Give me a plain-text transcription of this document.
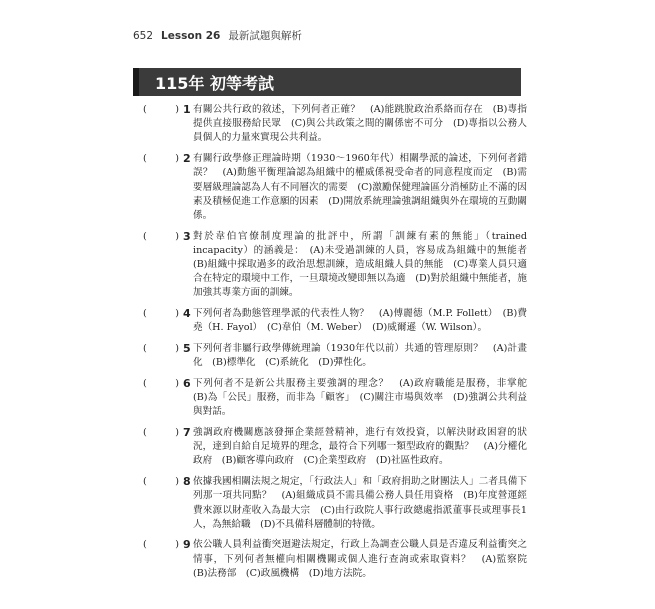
652 Lesson 26 最新試題與解析
115年 初等考試
(	) 1 有關公共行政的敘述，下列何者正確？　(A)能跳脫政治系絡而存在　(B)專指提供直接服務給民眾　(C)與公共政策之間的關係密不可分　(D)專指以公務人員個人的力量來實現公共利益。
(	) 2 有關行政學修正理論時期（1930～1960年代）相關學派的論述，下列何者錯誤？　(A)動態平衡理論認為組織中的權威係視受命者的同意程度而定　(B)需要層級理論認為人有不同層次的需要　(C)激勵保健理論區分消極防止不滿的因素及積極促進工作意願的因素　(D)開放系統理論強調組織與外在環境的互動關係。
(	) 3 對於韋伯官僚制度理論的批評中，所謂「訓練有素的無能」（trained incapacity）的涵義是：　(A)未受過訓練的人員，容易成為組織中的無能者　(B)組織中採取過多的政治思想訓練，造成組織人員的無能　(C)專業人員只適合在特定的環境中工作，一旦環境改變即無以為適　(D)對於組織中無能者，施加強其專業方面的訓練。
(	) 4 下列何者為動態管理學派的代表性人物？　(A)傅麗德（M.P. Follett）　(B)費堯（H. Fayol）　(C)韋伯（M. Weber）　(D)威爾遜（W. Wilson）。
(	) 5 下列何者非屬行政學傳統理論（1930年代以前）共通的管理原則？　(A)計畫化　(B)標準化　(C)系統化　(D)彈性化。
(	) 6 下列何者不是新公共服務主要強調的理念？　(A)政府職能是服務，非掌舵　(B)為「公民」服務，而非為「顧客」　(C)關注市場與效率　(D)強調公共利益與對話。
(	) 7 強調政府機關應該發揮企業經營精神，進行有效投資，以解決財政困窘的狀況，達到自給自足境界的理念，最符合下列哪一類型政府的觀點？　(A)分權化政府　(B)顧客導向政府　(C)企業型政府　(D)社區性政府。
(	) 8 依據我國相關法規之規定，「行政法人」和「政府捐助之財團法人」二者具備下列那一項共同點？　(A)組織成員不需具備公務人員任用資格　(B)年度營運經費來源以財產收入為最大宗　(C)由行政院人事行政總處指派董事長或理事長1人，為無給職　(D)不具備科層體制的特徵。
(	) 9 依公職人員利益衝突迴避法規定，行政上為調查公職人員是否違反利益衝突之情事，下列何者無權向相關機關或個人進行查詢或索取資料？　(A)監察院　(B)法務部　(C)政風機構　(D)地方法院。
